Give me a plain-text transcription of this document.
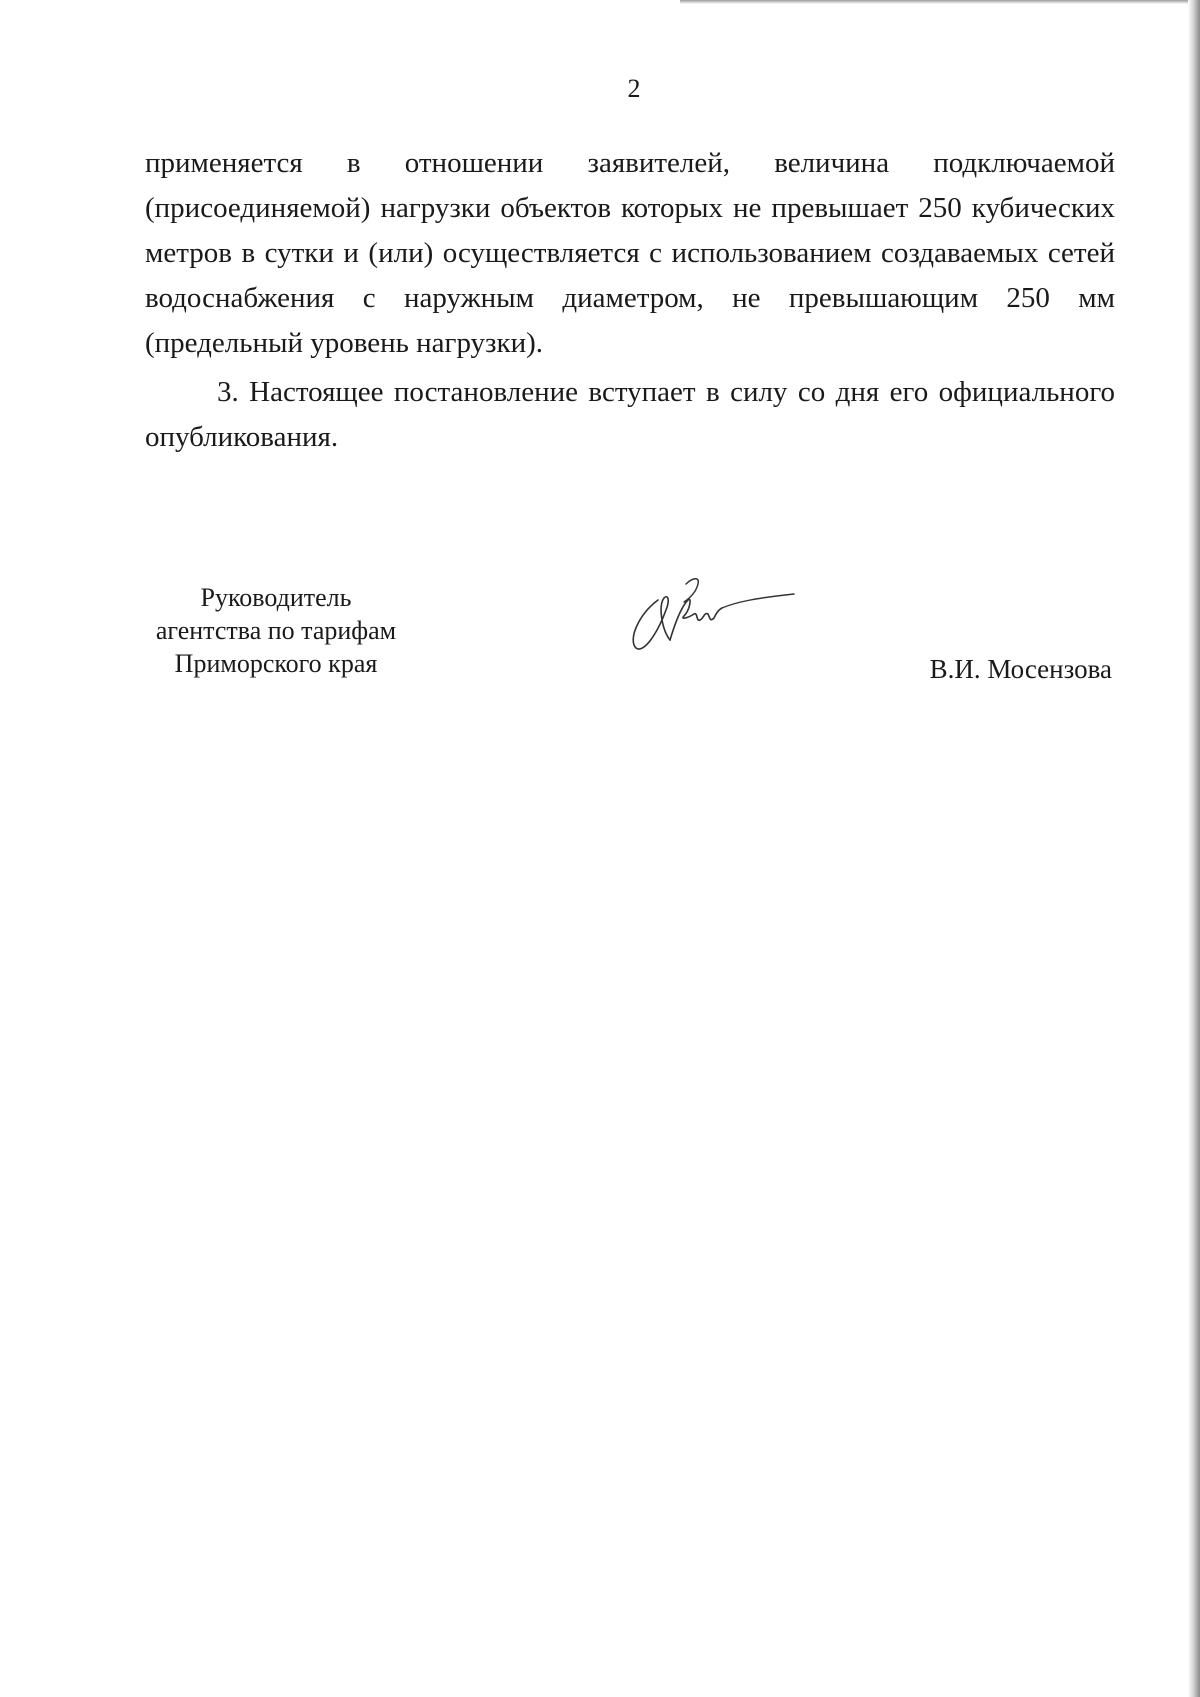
2

применяется в отношении заявителей, величина подключаемой (присоединяемой) нагрузки объектов которых не превышает 250 кубических метров в сутки и (или) осуществляется с использованием создаваемых сетей водоснабжения с наружным диаметром, не превышающим 250 мм (предельный уровень нагрузки).

3. Настоящее постановление вступает в силу со дня его официального опубликования.

Руководитель
агентства по тарифам
Приморского края	В.И. Мосензова
